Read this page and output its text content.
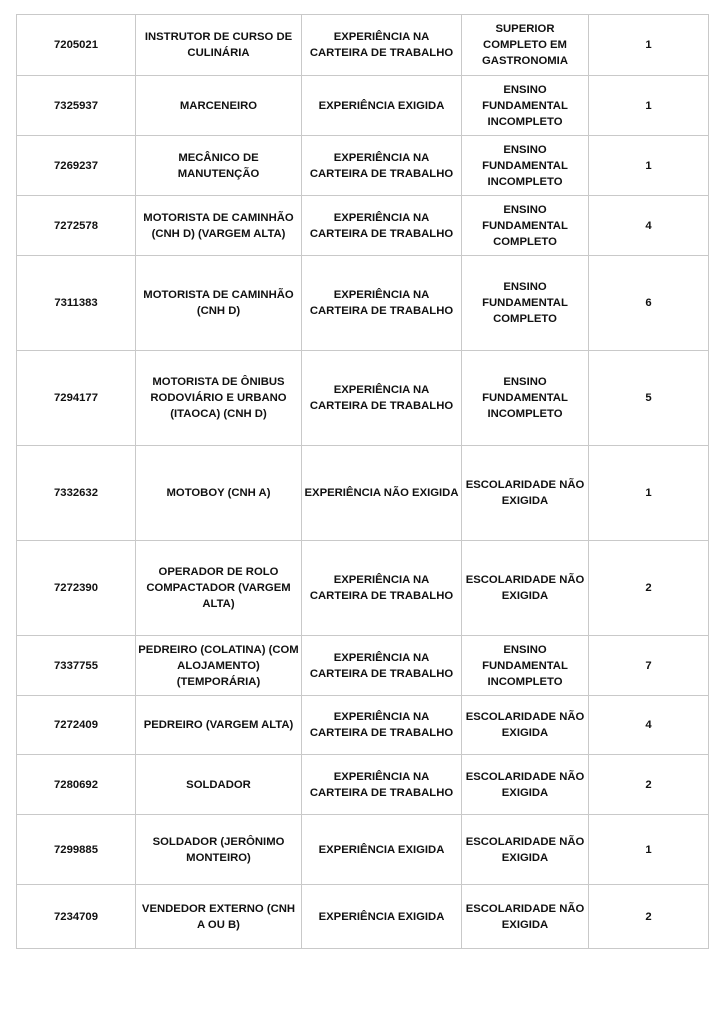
7205021	INSTRUTOR DE CURSO DE CULINÁRIA	EXPERIÊNCIA NA CARTEIRA DE TRABALHO	SUPERIOR COMPLETO EM GASTRONOMIA	1
7325937	MARCENEIRO	EXPERIÊNCIA EXIGIDA	ENSINO FUNDAMENTAL INCOMPLETO	1
7269237	MECÂNICO DE MANUTENÇÃO	EXPERIÊNCIA NA CARTEIRA DE TRABALHO	ENSINO FUNDAMENTAL INCOMPLETO	1
7272578	MOTORISTA DE CAMINHÃO (CNH D) (VARGEM ALTA)	EXPERIÊNCIA NA CARTEIRA DE TRABALHO	ENSINO FUNDAMENTAL COMPLETO	4
7311383	MOTORISTA DE CAMINHÃO (CNH D)	EXPERIÊNCIA NA CARTEIRA DE TRABALHO	ENSINO FUNDAMENTAL COMPLETO	6
7294177	MOTORISTA DE ÔNIBUS RODOVIÁRIO E URBANO (ITAOCA) (CNH D)	EXPERIÊNCIA NA CARTEIRA DE TRABALHO	ENSINO FUNDAMENTAL INCOMPLETO	5
7332632	MOTOBOY (CNH A)	EXPERIÊNCIA NÃO EXIGIDA	ESCOLARIDADE NÃO EXIGIDA	1
7272390	OPERADOR DE ROLO COMPACTADOR (VARGEM ALTA)	EXPERIÊNCIA NA CARTEIRA DE TRABALHO	ESCOLARIDADE NÃO EXIGIDA	2
7337755	PEDREIRO (COLATINA) (COM ALOJAMENTO) (TEMPORÁRIA)	EXPERIÊNCIA NA CARTEIRA DE TRABALHO	ENSINO FUNDAMENTAL INCOMPLETO	7
7272409	PEDREIRO (VARGEM ALTA)	EXPERIÊNCIA NA CARTEIRA DE TRABALHO	ESCOLARIDADE NÃO EXIGIDA	4
7280692	SOLDADOR	EXPERIÊNCIA NA CARTEIRA DE TRABALHO	ESCOLARIDADE NÃO EXIGIDA	2
7299885	SOLDADOR (JERÔNIMO MONTEIRO)	EXPERIÊNCIA EXIGIDA	ESCOLARIDADE NÃO EXIGIDA	1
7234709	VENDEDOR EXTERNO (CNH A OU B)	EXPERIÊNCIA EXIGIDA	ESCOLARIDADE NÃO EXIGIDA	2
